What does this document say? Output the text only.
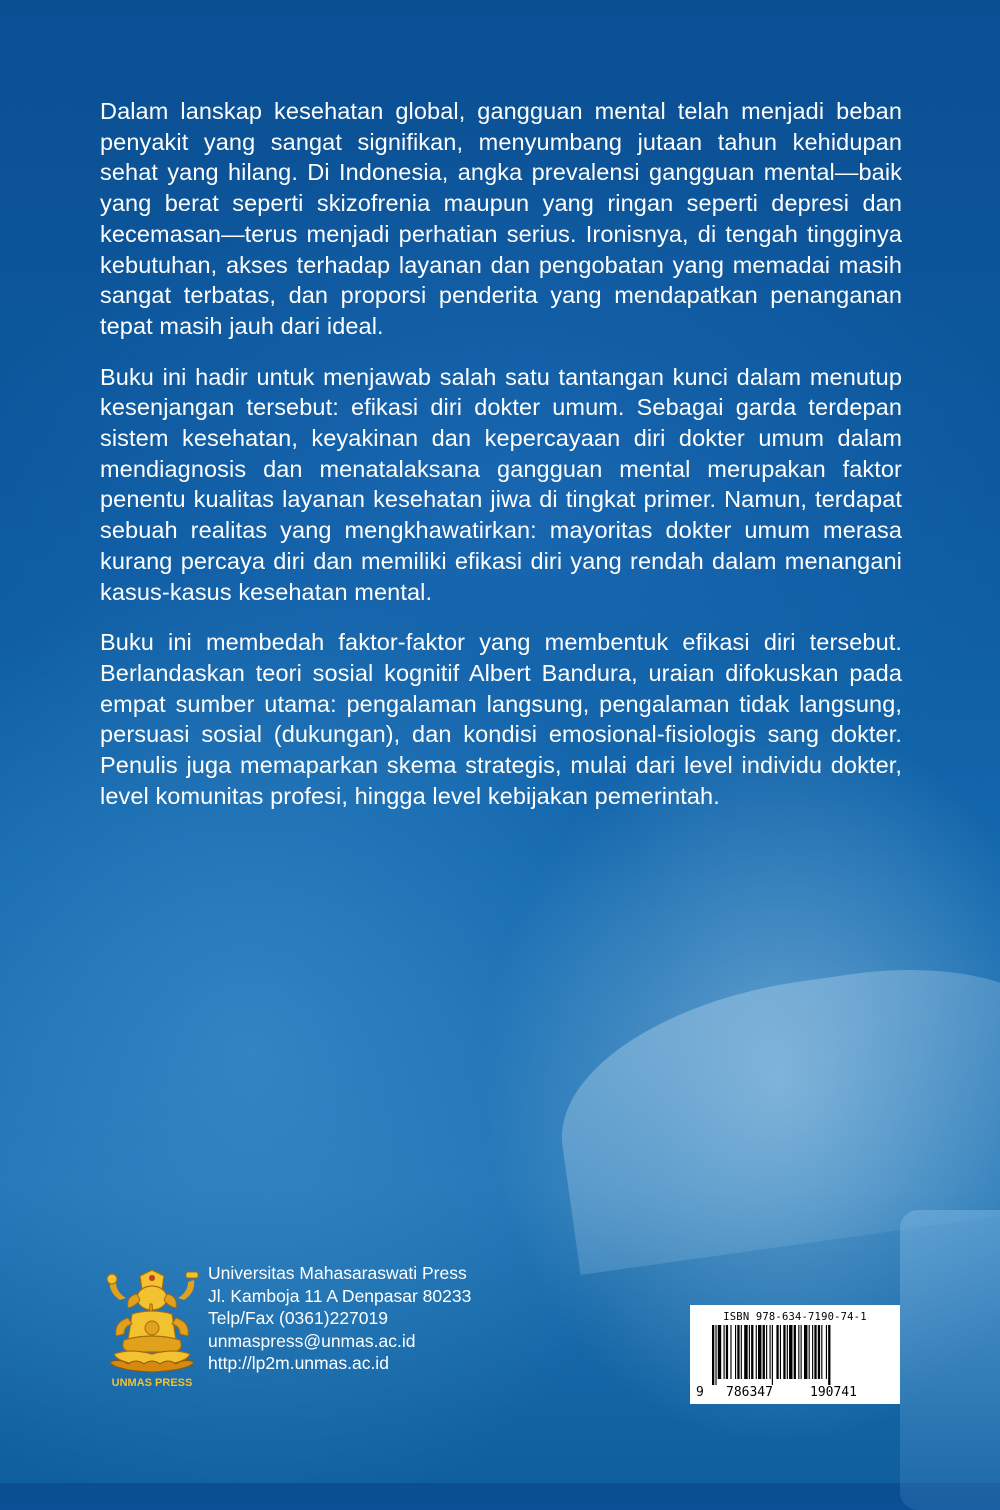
Dalam lanskap kesehatan global, gangguan mental telah menjadi beban penyakit yang sangat signifikan, menyumbang jutaan tahun kehidupan sehat yang hilang. Di Indonesia, angka prevalensi gangguan mental—baik yang berat seperti skizofrenia maupun yang ringan seperti depresi dan kecemasan—terus menjadi perhatian serius. Ironisnya, di tengah tingginya kebutuhan, akses terhadap layanan dan pengobatan yang memadai masih sangat terbatas, dan proporsi penderita yang mendapatkan penanganan tepat masih jauh dari ideal.

Buku ini hadir untuk menjawab salah satu tantangan kunci dalam menutup kesenjangan tersebut: efikasi diri dokter umum. Sebagai garda terdepan sistem kesehatan, keyakinan dan kepercayaan diri dokter umum dalam mendiagnosis dan menatalaksana gangguan mental merupakan faktor penentu kualitas layanan kesehatan jiwa di tingkat primer. Namun, terdapat sebuah realitas yang mengkhawatirkan: mayoritas dokter umum merasa kurang percaya diri dan memiliki efikasi diri yang rendah dalam menangani kasus-kasus kesehatan mental.

Buku ini membedah faktor-faktor yang membentuk efikasi diri tersebut. Berlandaskan teori sosial kognitif Albert Bandura, uraian difokuskan pada empat sumber utama: pengalaman langsung, pengalaman tidak langsung, persuasi sosial (dukungan), dan kondisi emosional-fisiologis sang dokter. Penulis juga memaparkan skema strategis, mulai dari level individu dokter, level komunitas profesi, hingga level kebijakan pemerintah.

UNMAS PRESS
Universitas Mahasaraswati Press
Jl. Kamboja 11 A Denpasar 80233
Telp/Fax (0361)227019
unmaspress@unmas.ac.id
http://lp2m.unmas.ac.id
ISBN 978-634-7190-74-1
9 786347	190741
